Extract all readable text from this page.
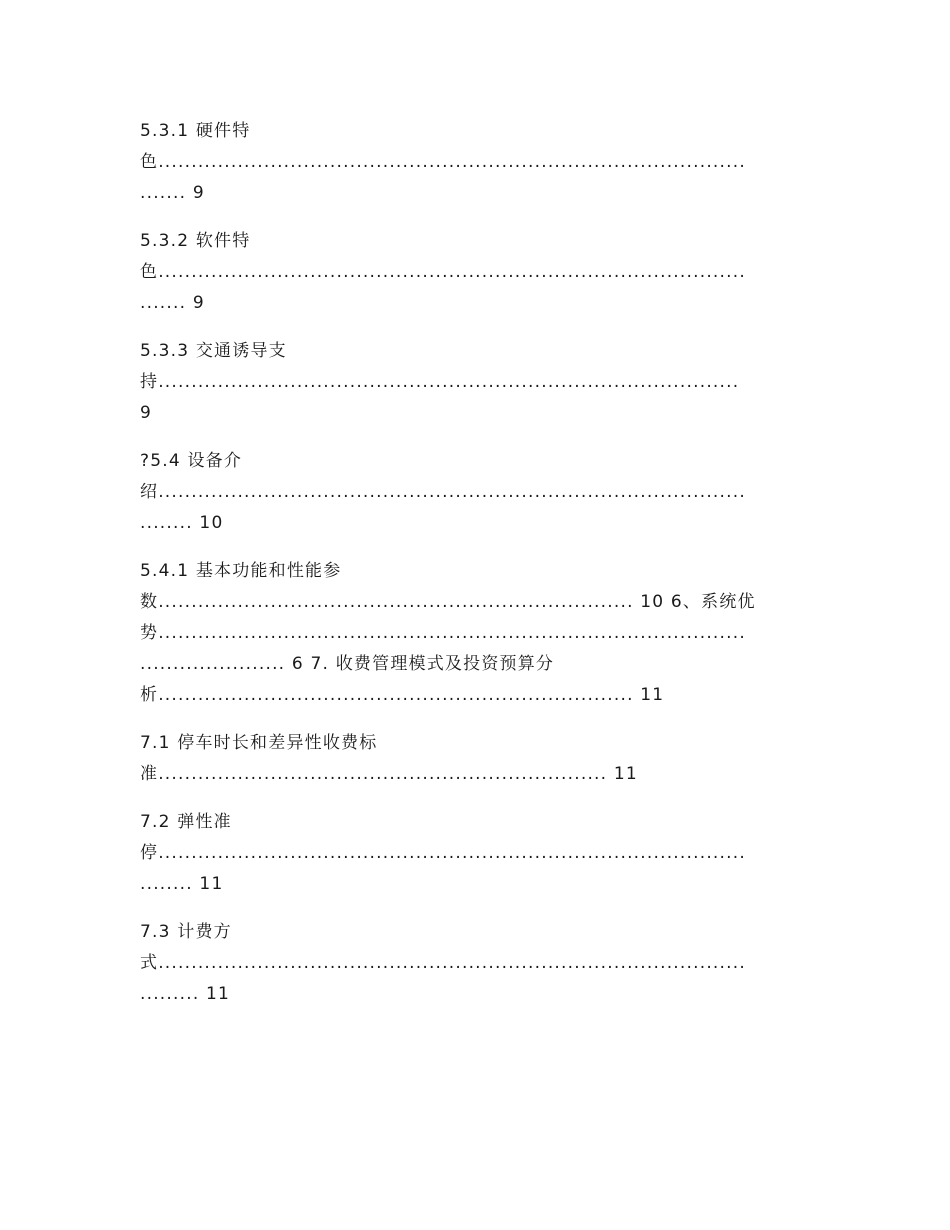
5.3.1 硬件特
色.........................................................................................
....... 9
5.3.2 软件特
色.........................................................................................
....... 9
5.3.3 交通诱导支
持........................................................................................
9
?5.4 设备介
绍.........................................................................................
........ 10
5.4.1 基本功能和性能参
数........................................................................ 10 6、系统优
势.........................................................................................
...................... 6 7. 收费管理模式及投资预算分
析........................................................................ 11
7.1 停车时长和差异性收费标
准.................................................................... 11
7.2 弹性准
停.........................................................................................
........ 11
7.3 计费方
式.........................................................................................
......... 11
